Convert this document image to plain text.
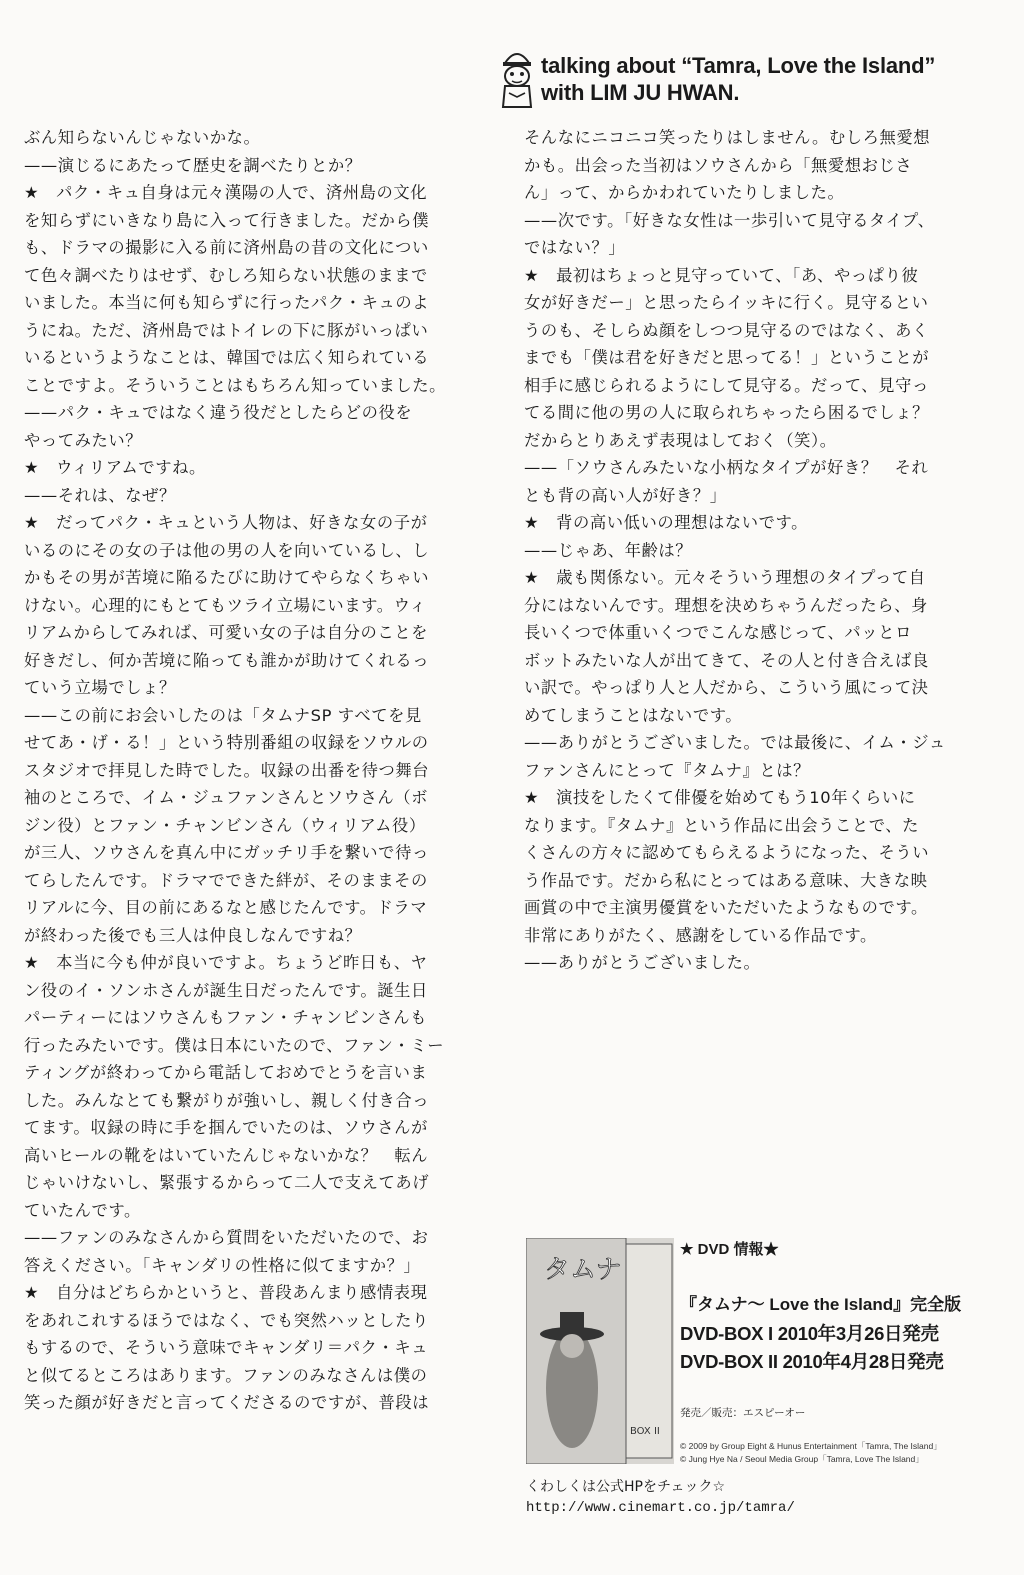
talking about “Tamra, Love the Island”
with LIM JU HWAN.

ぶん知らないんじゃないかな。

——演じるにあたって歴史を調べたりとか？

★　パク・キュ自身は元々漢陽の人で、済州島の文化

を知らずにいきなり島に入って行きました。だから僕

も、ドラマの撮影に入る前に済州島の昔の文化につい

て色々調べたりはせず、むしろ知らない状態のままで

いました。本当に何も知らずに行ったパク・キュのよ

うにね。ただ、済州島ではトイレの下に豚がいっぱい

いるというようなことは、韓国では広く知られている

ことですよ。そういうことはもちろん知っていました。

——パク・キュではなく違う役だとしたらどの役を

やってみたい？

★　ウィリアムですね。

——それは、なぜ？

★　だってパク・キュという人物は、好きな女の子が

いるのにその女の子は他の男の人を向いているし、し

かもその男が苦境に陥るたびに助けてやらなくちゃい

けない。心理的にもとてもツライ立場にいます。ウィ

リアムからしてみれば、可愛い女の子は自分のことを

好きだし、何か苦境に陥っても誰かが助けてくれるっ

ていう立場でしょ？

——この前にお会いしたのは「タムナSP すべてを見

せてあ・げ・る！」という特別番組の収録をソウルの

スタジオで拝見した時でした。収録の出番を待つ舞台

袖のところで、イム・ジュファンさんとソウさん（ボ

ジン役）とファン・チャンビンさん（ウィリアム役）

が三人、ソウさんを真ん中にガッチリ手を繋いで待っ

てらしたんです。ドラマでできた絆が、そのままその

リアルに今、目の前にあるなと感じたんです。ドラマ

が終わった後でも三人は仲良しなんですね？

★　本当に今も仲が良いですよ。ちょうど昨日も、ヤ

ン役のイ・ソンホさんが誕生日だったんです。誕生日

パーティーにはソウさんもファン・チャンビンさんも

行ったみたいです。僕は日本にいたので、ファン・ミー

ティングが終わってから電話しておめでとうを言いま

した。みんなとても繋がりが強いし、親しく付き合っ

てます。収録の時に手を掴んでいたのは、ソウさんが

高いヒールの靴をはいていたんじゃないかな？　転ん

じゃいけないし、緊張するからって二人で支えてあげ

ていたんです。

——ファンのみなさんから質問をいただいたので、お

答えください。「キャンダリの性格に似てますか？」

★　自分はどちらかというと、普段あんまり感情表現

をあれこれするほうではなく、でも突然ハッとしたり

もするので、そういう意味でキャンダリ＝パク・キュ

と似てるところはあります。ファンのみなさんは僕の

笑った顔が好きだと言ってくださるのですが、普段は

そんなにニコニコ笑ったりはしません。むしろ無愛想

かも。出会った当初はソウさんから「無愛想おじさ

ん」って、からかわれていたりしました。

——次です。「好きな女性は一歩引いて見守るタイプ、

ではない？」

★　最初はちょっと見守っていて、「あ、やっぱり彼

女が好きだー」と思ったらイッキに行く。見守るとい

うのも、そしらぬ顔をしつつ見守るのではなく、あく

までも「僕は君を好きだと思ってる！」ということが

相手に感じられるようにして見守る。だって、見守っ

てる間に他の男の人に取られちゃったら困るでしょ？

だからとりあえず表現はしておく（笑）。

——「ソウさんみたいな小柄なタイプが好き？　それ

とも背の高い人が好き？」

★　背の高い低いの理想はないです。

——じゃあ、年齢は？

★　歳も関係ない。元々そういう理想のタイプって自

分にはないんです。理想を決めちゃうんだったら、身

長いくつで体重いくつでこんな感じって、パッとロ

ボットみたいな人が出てきて、その人と付き合えば良

い訳で。やっぱり人と人だから、こういう風にって決

めてしまうことはないです。

——ありがとうございました。では最後に、イム・ジュ

ファンさんにとって『タムナ』とは？

★　演技をしたくて俳優を始めてもう10年くらいに

なります。『タムナ』という作品に出会うことで、た

くさんの方々に認めてもらえるようになった、そうい

う作品です。だから私にとってはある意味、大きな映

画賞の中で主演男優賞をいただいたようなものです。

非常にありがたく、感謝をしている作品です。

——ありがとうございました。

タムナ
BOX II
★ DVD 情報★
『タムナ〜 Love the Island』完全版
DVD-BOX I 2010年3月26日発売
DVD-BOX II 2010年4月28日発売
発売／販売：エスピーオー
© 2009 by Group Eight & Hunus Entertainment「Tamra, The Island」
© Jung Hye Na / Seoul Media Group「Tamra, Love The Island」
くわしくは公式HPをチェック☆
http://www.cinemart.co.jp/tamra/
